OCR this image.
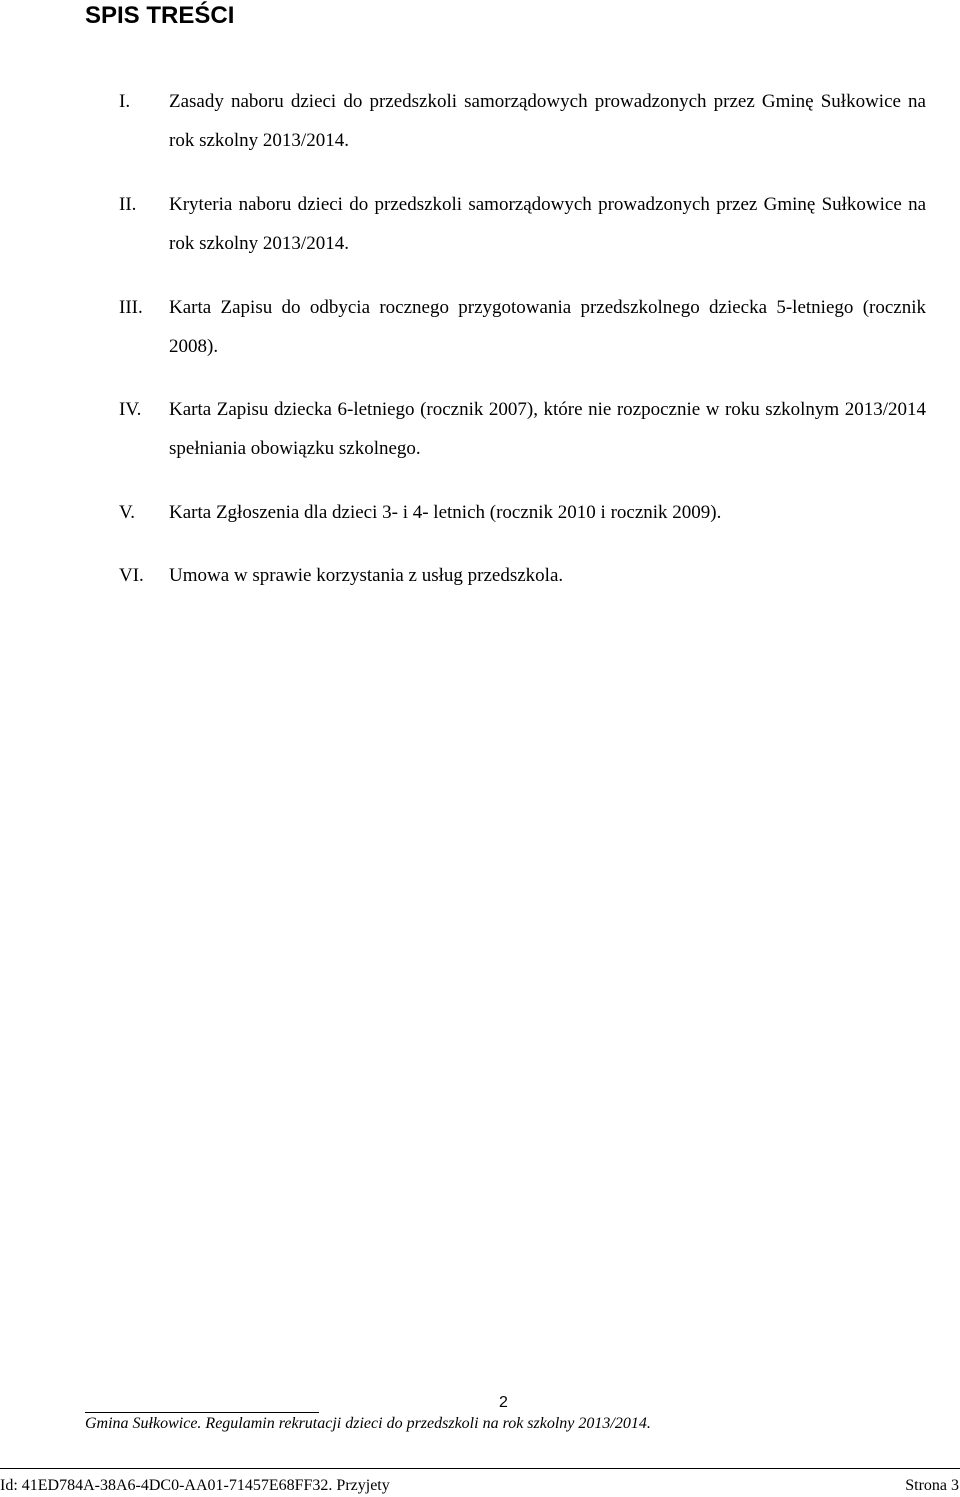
SPIS TREŚCI
I. Zasady naboru dzieci do przedszkoli samorządowych prowadzonych przez Gminę Sułkowice na rok szkolny 2013/2014.
II. Kryteria naboru dzieci do przedszkoli samorządowych prowadzonych przez Gminę Sułkowice na rok szkolny 2013/2014.
III. Karta Zapisu do odbycia rocznego przygotowania przedszkolnego dziecka 5-letniego (rocznik 2008).
IV. Karta Zapisu dziecka 6-letniego (rocznik 2007), które nie rozpocznie w roku szkolnym 2013/2014 spełniania obowiązku szkolnego.
V. Karta Zgłoszenia dla dzieci 3- i 4- letnich (rocznik 2010 i rocznik 2009).
VI. Umowa w sprawie korzystania z usług przedszkola.
2
Gmina Sułkowice. Regulamin rekrutacji dzieci do przedszkoli na rok szkolny 2013/2014.
Id: 41ED784A-38A6-4DC0-AA01-71457E68FF32. Przyjety	Strona 3
